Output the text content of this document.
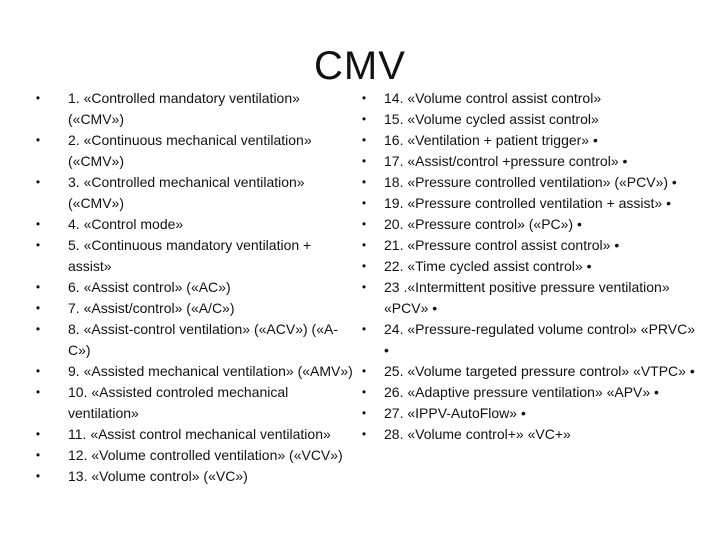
CMV
• 1. «Controlled mandatory ventilation» («CMV»)
• 2. «Continuous mechanical ventilation» («CMV»)
• 3. «Controlled mechanical ventilation» («CMV»)
• 4. «Control mode»
• 5. «Continuous mandatory ventilation + assist»
• 6. «Assist control» («AC»)
• 7. «Assist/control» («A/C»)
• 8. «Assist-control ventilation» («ACV») («A-C»)
• 9. «Assisted mechanical ventilation» («AMV»)
• 10. «Assisted controled mechanical ventilation»
• 11. «Assist control mechanical ventilation»
• 12. «Volume controlled ventilation» («VCV»)
• 13. «Volume control» («VC»)
• 14. «Volume control assist control»
• 15. «Volume cycled assist control»
• 16. «Ventilation + patient trigger» •
• 17. «Assist/control +pressure control» •
• 18. «Pressure controlled ventilation» («PCV») •
• 19. «Pressure controlled ventilation + assist» •
• 20. «Pressure control» («PC») •
• 21. «Pressure control assist control» •
• 22. «Time cycled assist control» •
• 23 .«Intermittent positive pressure ventilation» «PCV» •
• 24. «Pressure-regulated volume control» «PRVC» •
• 25. «Volume targeted pressure control» «VTPC» •
• 26. «Adaptive pressure ventilation» «APV» •
• 27. «IPPV-AutoFlow» •
• 28. «Volume control+» «VC+»
